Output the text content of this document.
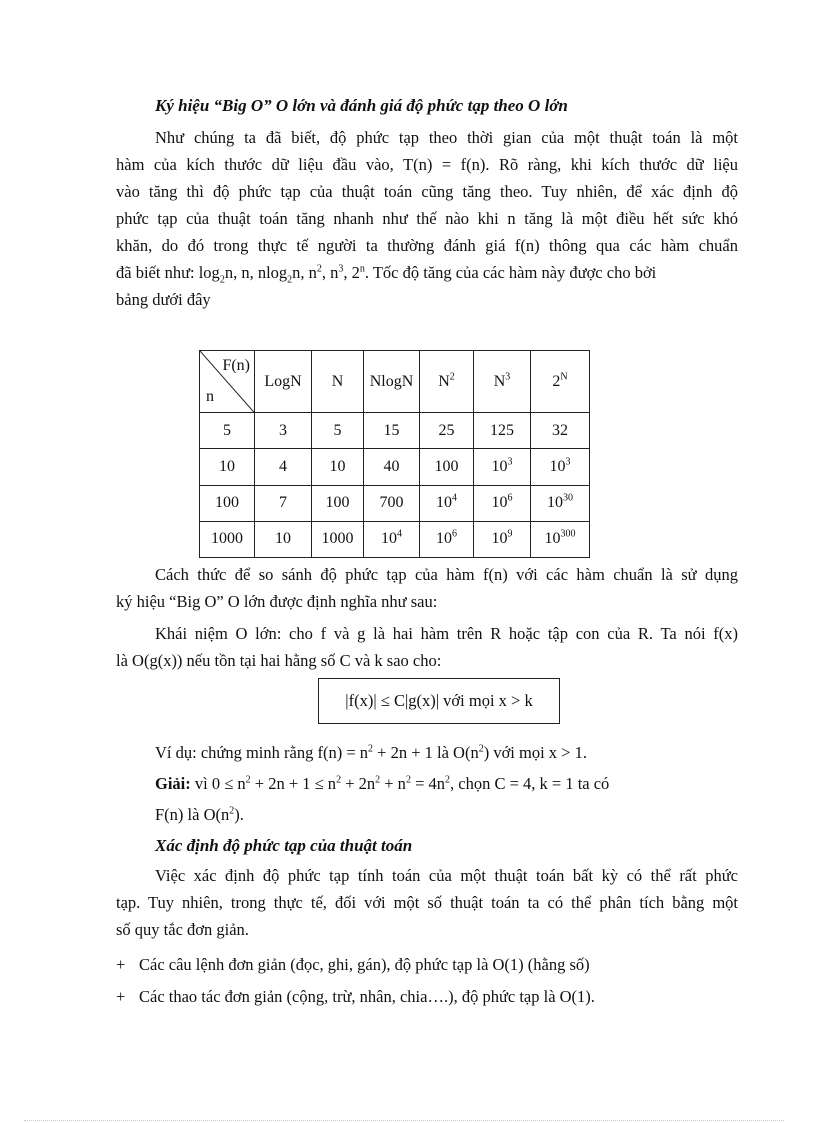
Ký hiệu “Big O” O lớn và đánh giá độ phức tạp theo O lớn
Như chúng ta đã biết, độ phức tạp theo thời gian của một thuật toán là một
hàm của kích thước dữ liệu đầu vào, T(n) = f(n). Rõ ràng, khi kích thước dữ liệu
vào tăng thì độ phức tạp của thuật toán cũng tăng theo. Tuy nhiên, để xác định độ
phức tạp của thuật toán tăng nhanh như thế nào khi n tăng là một điều hết sức khó
khăn, do đó trong thực tế người ta thường đánh giá f(n) thông qua các hàm chuẩn
đã biết như: $\log_2n$, n, nlog$_2$n, $n^2$, $n^3$, 2$^n$. Tốc độ tăng của các hàm này được cho bởi
bảng dưới đây
F(n)
n	LogN	N	NlogN	$N^2$	$N^3$	$2^N$
5	3	5	15	25	125	32
10	4	10	40	100	$10^3$	$10^3$
100	7	100	700	$10^4$	$10^6$	$10^{30}$
1000	10	1000	$10^4$	$10^6$	$10^9$	$10^{300}$
Cách thức để so sánh độ phức tạp của hàm f(n) với các hàm chuẩn là sử dụng
ký hiệu “Big O” O lớn được định nghĩa như sau:
Khái niệm O lớn: cho f và g là hai hàm trên R hoặc tập con của R. Ta nói f(x)
là O(g(x)) nếu tồn tại hai hằng số C và k sao cho:
|f(x)| ≤ C|g(x)| với mọi x > k
Ví dụ: chứng minh rằng $f(n) = n^2 + 2n + 1$ là $O(n^2)$ với mọi x > 1.
Giải: vì $0 \le n^2 + 2n + 1 \le n^2 + 2n^2 + n^2 = 4n^2$, chọn C = 4, k = 1 ta có
F(n) là $O(n^2)$.
Xác định độ phức tạp của thuật toán
Việc xác định độ phức tạp tính toán của một thuật toán bất kỳ có thể rất phức
tạp. Tuy nhiên, trong thực tế, đối với một số thuật toán ta có thể phân tích bằng một
số quy tắc đơn giản.
+ Các câu lệnh đơn giản (đọc, ghi, gán), độ phức tạp là O(1) (hằng số)
+ Các thao tác đơn giản (cộng, trừ, nhân, chia….), độ phức tạp là O(1).
